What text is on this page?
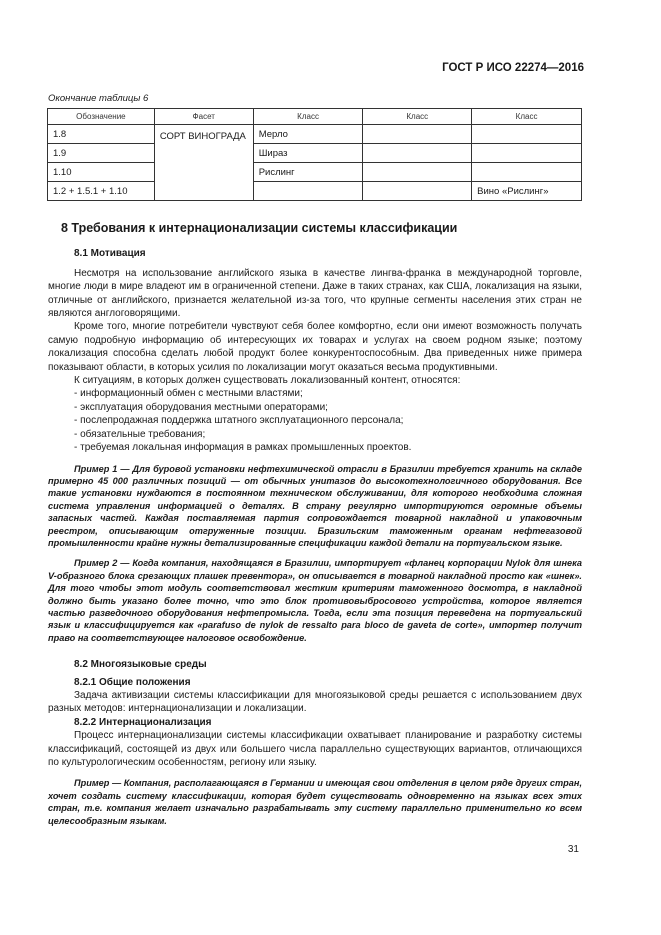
ГОСТ Р ИСО 22274—2016
Окончание таблицы 6
Обозначение	Фасет	Класс	Класс	Класс
1.8	СОРТ ВИНОГРАДА	Мерло		
1.9		Шираз		
1.10		Рислинг		
1.2 + 1.5.1 + 1.10				Вино «Рислинг»

8 Требования к интернационализации системы классификации

8.1 Мотивация

Несмотря на использование английского языка в качестве лингва-франка в международной торговле, многие люди в мире владеют им в ограниченной степени. Даже в таких странах, как США, локализация на языки, отличные от английского, признается желательной из-за того, что крупные сегменты населения этих стран не являются англоговорящими.

Кроме того, многие потребители чувствуют себя более комфортно, если они имеют возможность получать самую подробную информацию об интересующих их товарах и услугах на своем родном языке; поэтому локализация способна сделать любой продукт более конкурентоспособным. Два приведенных ниже примера показывают области, в которых усилия по локализации могут оказаться весьма продуктивными.

К ситуациям, в которых должен существовать локализованный контент, относятся:

- информационный обмен с местными властями;

- эксплуатация оборудования местными операторами;

- послепродажная поддержка штатного эксплуатационного персонала;

- обязательные требования;

- требуемая локальная информация в рамках промышленных проектов.

Пример 1 — Для буровой установки нефтехимической отрасли в Бразилии требуется хранить на складе примерно 45 000 различных позиций — от обычных унитазов до высокотехнологичного оборудования. Все такие установки нуждаются в постоянном техническом обслуживании, для которого необходима сложная система управления информацией о деталях. В страну регулярно импортируются огромные объемы запасных частей. Каждая поставляемая партия сопровождается товарной накладной и упаковочным реестром, описывающим отгруженные позиции. Бразильским таможенным органам нефтегазовой промышленности крайне нужны детализированные спецификации каждой детали на португальском языке.

Пример 2 — Когда компания, находящаяся в Бразилии, импортирует «фланец корпорации Nylok для шнека V-образного блока срезающих плашек превентора», он описывается в товарной накладной просто как «шнек». Для того чтобы этот модуль соответствовал жестким критериям таможенного досмотра, в накладной должно быть указано более точно, что это блок противовыбросового устройства, которое является частью разведочного оборудования нефтепромысла. Тогда, если эта позиция переведена на португальский язык и классифицируется как «parafuso de nylok de ressalto para bloco de gaveta de corte», импортер получит право на соответствующее налоговое освобождение.

8.2 Многоязыковые среды

8.2.1 Общие положения

Задача активизации системы классификации для многоязыковой среды решается с использованием двух разных методов: интернационализации и локализации.

8.2.2 Интернационализация

Процесс интернационализации системы классификации охватывает планирование и разработку системы классификаций, состоящей из двух или большего числа параллельно существующих вариантов, отличающихся по культурологическим особенностям, региону или языку.

Пример — Компания, располагающаяся в Германии и имеющая свои отделения в целом ряде других стран, хочет создать систему классификации, которая будет существовать одновременно на языках всех этих стран, т.е. компания желает изначально разрабатывать эту систему параллельно применительно ко всем целесообразным языкам.

31
